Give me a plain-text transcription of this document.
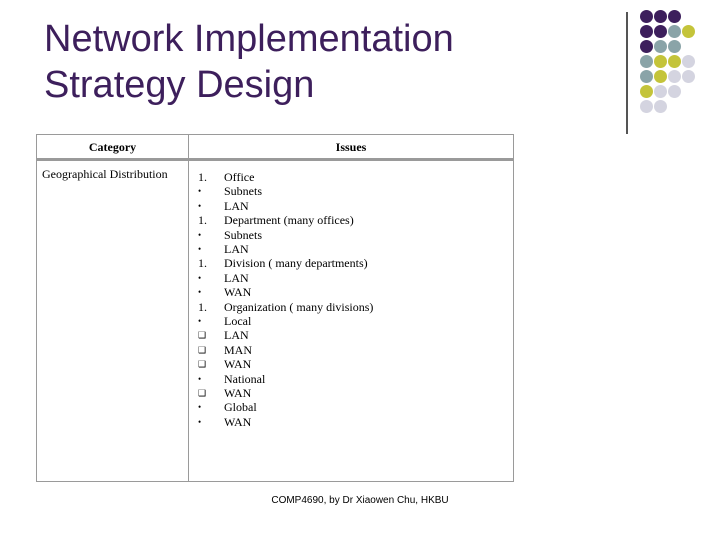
Network Implementation
Strategy Design
Category	Issues
Geographical Distribution	1.	Office
•	Subnets
•	LAN
1.	Department (many offices)
•	Subnets
•	LAN
1.	Division ( many departments)
•	LAN
•	WAN
1.	Organization ( many divisions)
•	Local
❑	LAN
❑	MAN
❑	WAN
•	National
❑	WAN
•	Global
•	WAN
COMP4690, by Dr Xiaowen Chu, HKBU
